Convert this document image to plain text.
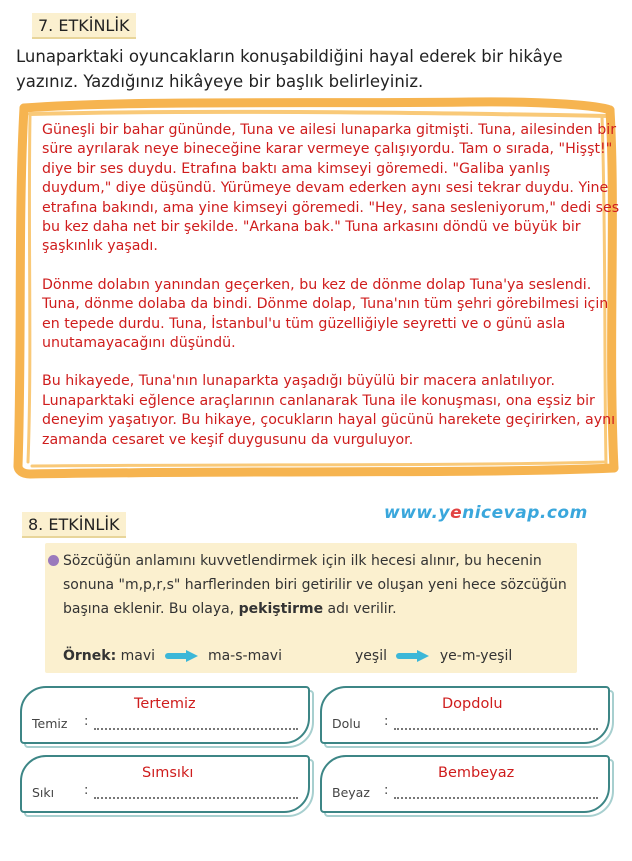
7. ETKİNLİK
Lunaparktaki oyuncakların konuşabildiğini hayal ederek bir hikâye yazınız. Yazdığınız hikâyeye bir başlık belirleyiniz.

Güneşli bir bahar gününde, Tuna ve ailesi lunaparka gitmişti. Tuna, ailesinden bir süre ayrılarak neye bineceğine karar vermeye çalışıyordu. Tam o sırada, "Hişşt!" diye bir ses duydu. Etrafına baktı ama kimseyi göremedi. "Galiba yanlış duydum," diye düşündü. Yürümeye devam ederken aynı sesi tekrar duydu. Yine etrafına bakındı, ama yine kimseyi göremedi. "Hey, sana sesleniyorum," dedi ses bu kez daha net bir şekilde. "Arkana bak." Tuna arkasını döndü ve büyük bir şaşkınlık yaşadı.

Dönme dolabın yanından geçerken, bu kez de dönme dolap Tuna'ya seslendi. Tuna, dönme dolaba da bindi. Dönme dolap, Tuna'nın tüm şehri görebilmesi için en tepede durdu. Tuna, İstanbul'u tüm güzelliğiyle seyretti ve o günü asla unutamayacağını düşündü.

Bu hikayede, Tuna'nın lunaparkta yaşadığı büyülü bir macera anlatılıyor. Lunaparktaki eğlence araçlarının canlanarak Tuna ile konuşması, ona eşsiz bir deneyim yaşatıyor. Bu hikaye, çocukların hayal gücünü harekete geçirirken, aynı zamanda cesaret ve keşif duygusunu da vurguluyor.

8. ETKİNLİK
www.yenicevap.com
Sözcüğün anlamını kuvvetlendirmek için ilk hecesi alınır, bu hecenin sonuna "m,p,r,s" harflerinden biri getirilir ve oluşan yeni hece sözcüğün başına eklenir. Bu olaya, pekiştirme adı verilir.
Örnek: mavi	ma-s-mavi	yeşil	ye-m-yeşil
Temiz :
Tertemiz
Dolu :
Dopdolu
Sıkı :
Sımsıkı
Beyaz :
Bembeyaz
